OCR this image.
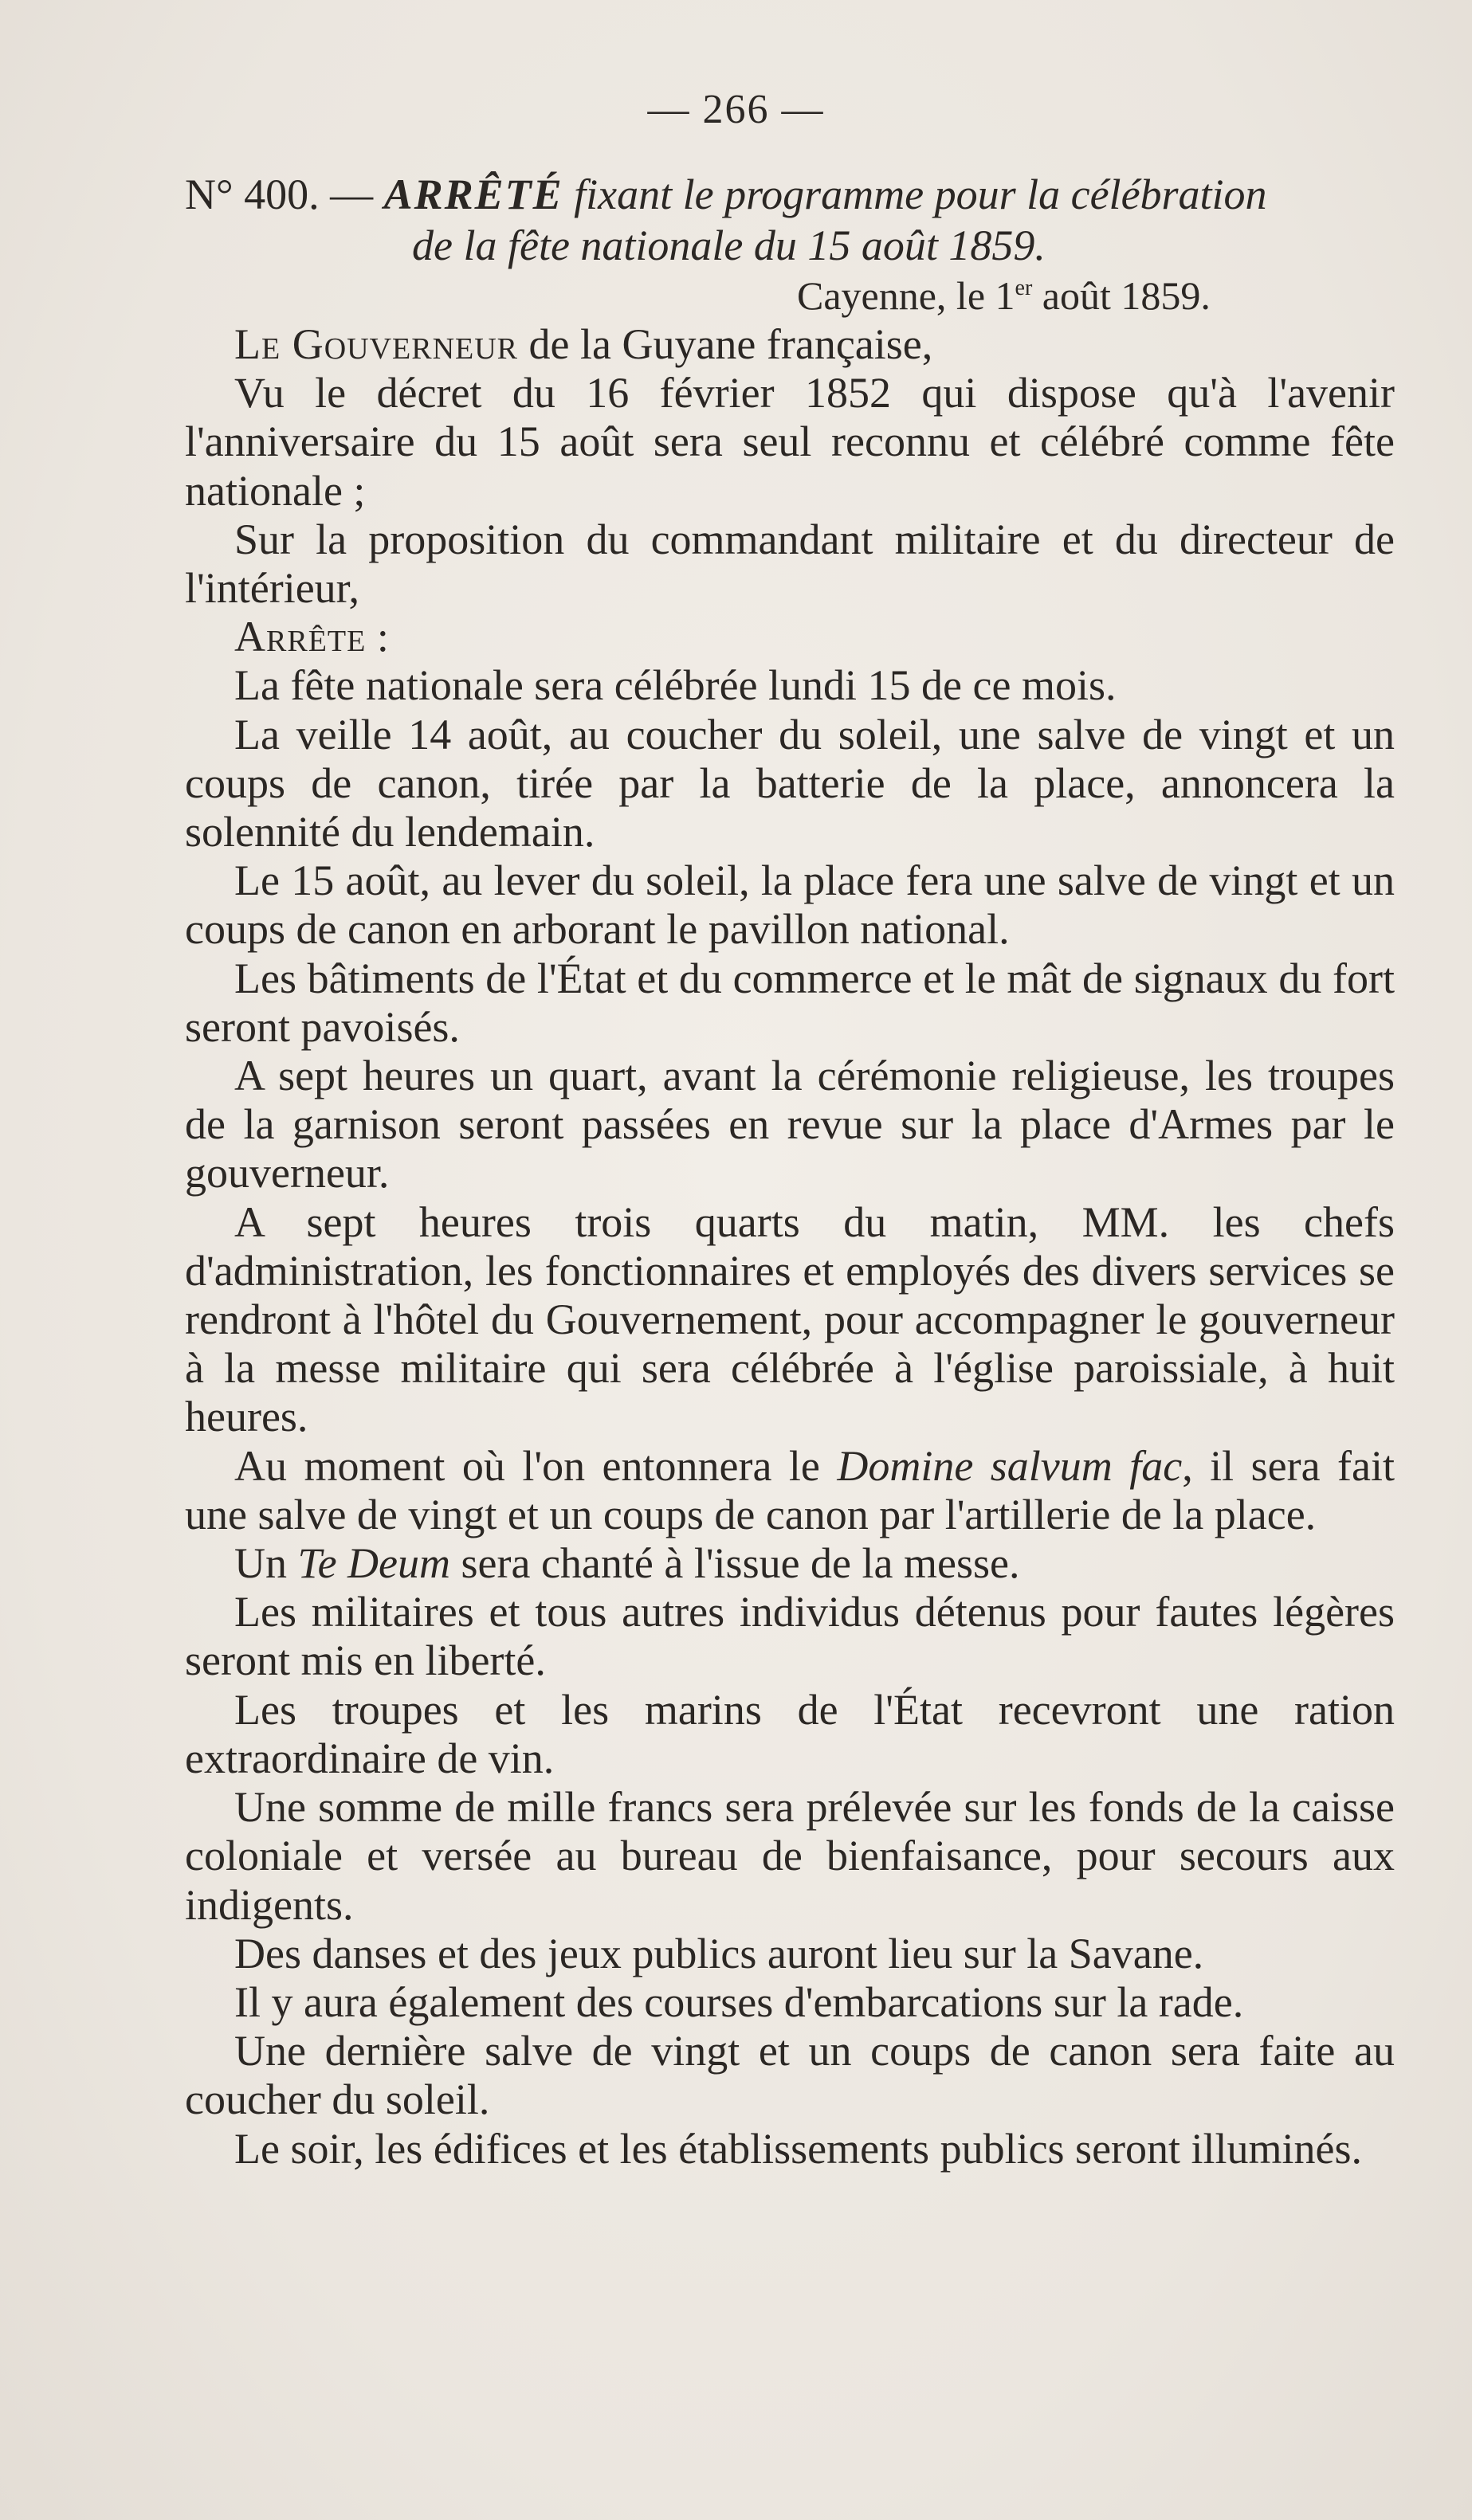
— 266 —
N° 400. — ARRÊTÉ fixant le programme pour la célébration
de la fête nationale du 15 août 1859.
Cayenne, le 1er août 1859.

Le Gouverneur de la Guyane française,

Vu le décret du 16 février 1852 qui dispose qu'à l'avenir l'anniversaire du 15 août sera seul reconnu et célébré comme fête nationale ;

Sur la proposition du commandant militaire et du directeur de l'intérieur,

Arrête :

La fête nationale sera célébrée lundi 15 de ce mois.

La veille 14 août, au coucher du soleil, une salve de vingt et un coups de canon, tirée par la batterie de la place, annoncera la solennité du lendemain.

Le 15 août, au lever du soleil, la place fera une salve de vingt et un coups de canon en arborant le pavillon national.

Les bâtiments de l'État et du commerce et le mât de signaux du fort seront pavoisés.

A sept heures un quart, avant la cérémonie religieuse, les troupes de la garnison seront passées en revue sur la place d'Armes par le gouverneur.

A sept heures trois quarts du matin, MM. les chefs d'administration, les fonctionnaires et employés des divers services se rendront à l'hôtel du Gouvernement, pour accompagner le gouverneur à la messe militaire qui sera célébrée à l'église paroissiale, à huit heures.

Au moment où l'on entonnera le Domine salvum fac, il sera fait une salve de vingt et un coups de canon par l'artillerie de la place.

Un Te Deum sera chanté à l'issue de la messe.

Les militaires et tous autres individus détenus pour fautes légères seront mis en liberté.

Les troupes et les marins de l'État recevront une ration extraordinaire de vin.

Une somme de mille francs sera prélevée sur les fonds de la caisse coloniale et versée au bureau de bienfaisance, pour secours aux indigents.

Des danses et des jeux publics auront lieu sur la Savane.

Il y aura également des courses d'embarcations sur la rade.

Une dernière salve de vingt et un coups de canon sera faite au coucher du soleil.

Le soir, les édifices et les établissements publics seront illuminés.
